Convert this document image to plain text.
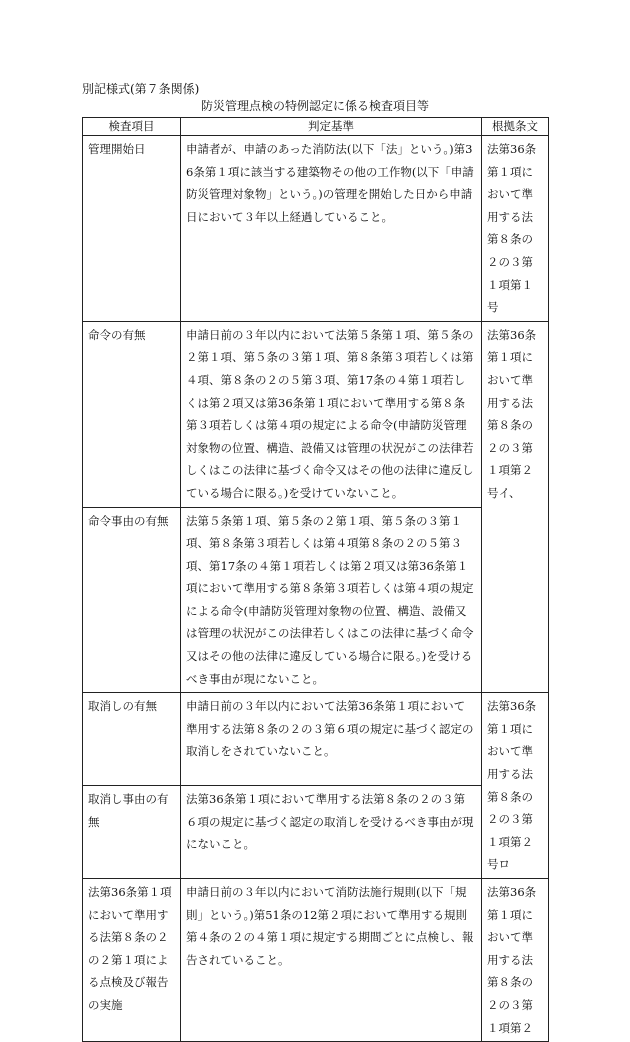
別記様式(第７条関係)
防災管理点検の特例認定に係る検査項目等
検査項目	判定基準	根拠条文
管理開始日	申請者が、申請のあった消防法(以下「法」という。)第36条第１項に該当する建築物その他の工作物(以下「申請防災管理対象物」という。)の管理を開始した日から申請日において３年以上経過していること。	法第36条第１項において準用する法第８条の２の３第１項第１号
命令の有無	申請日前の３年以内において法第５条第１項、第５条の２第１項、第５条の３第１項、第８条第３項若しくは第４項、第８条の２の５第３項、第17条の４第１項若しくは第２項又は第36条第１項において準用する第８条第３項若しくは第４項の規定による命令(申請防災管理対象物の位置、構造、設備又は管理の状況がこの法律若しくはこの法律に基づく命令又はその他の法律に違反している場合に限る。)を受けていないこと。	法第36条第１項において準用する法第８条の２の３第１項第２号イ、
命令事由の有無	法第５条第１項、第５条の２第１項、第５条の３第１項、第８条第３項若しくは第４項第８条の２の５第３項、第17条の４第１項若しくは第２項又は第36条第１項において準用する第８条第３項若しくは第４項の規定による命令(申請防災管理対象物の位置、構造、設備又は管理の状況がこの法律若しくはこの法律に基づく命令又はその他の法律に違反している場合に限る。)を受けるべき事由が現にないこと。	
取消しの有無	申請日前の３年以内において法第36条第１項において準用する法第８条の２の３第６項の規定に基づく認定の取消しをされていないこと。	法第36条第１項において準用する法第８条の２の３第１項第２号ロ
取消し事由の有無	法第36条第１項において準用する法第８条の２の３第６項の規定に基づく認定の取消しを受けるべき事由が現にないこと。	
法第36条第１項において準用する法第８条の２の２第１項による点検及び報告の実施	申請日前の３年以内において消防法施行規則(以下「規則」という。)第51条の12第２項において準用する規則第４条の２の４第１項に規定する期間ごとに点検し、報告されていること。	法第36条第１項において準用する法第８条の２の３第１項第２
